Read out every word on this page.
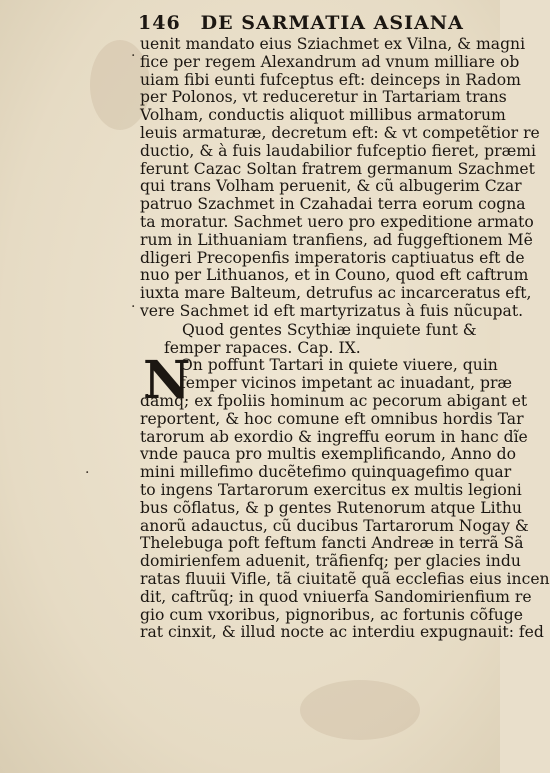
146 DE SARMATIA ASIANA
·
·
·
uenit mandato eius Sziachmet ex Vilna, & magni
fice per regem Alexandrum ad vnum milliare ob
uiam fibi eunti fufceptus eft: deinceps in Radom
per Polonos, vt reduceretur in Tartariam trans
Volham, conductis aliquot millibus armatorum
leuis armaturæ, decretum eft: & vt competẽtior re
ductio, & à fuis laudabilior fufceptio fieret, præmi
ferunt Cazac Soltan fratrem germanum Szachmet
qui trans Volham peruenit, & cũ albugerim Czar
patruo Szachmet in Czahadai terra eorum cogna
ta moratur. Sachmet uero pro expeditione armato
rum in Lithuaniam tranfiens, ad fuggeftionem Mẽ
dligeri Precopenfis imperatoris captiuatus eft de
nuo per Lithuanos, et in Couno, quod eft caftrum
iuxta mare Balteum, detrufus ac incarceratus eft,
vere Sachmet id eft martyrizatus à fuis nũcupat.
Quod gentes Scythiæ inquiete funt &
femper rapaces. Cap. IX.
N
On poffunt Tartari in quiete viuere, quin
femper vicinos impetant ac inuadant, præ
damq; ex fpoliis hominum ac pecorum abigant et
reportent, & hoc comune eft omnibus hordis Tar
tarorum ab exordio & ingreffu eorum in hanc dĩe
vnde pauca pro multis exemplificando, Anno do
mini millefimo ducẽtefimo quinquagefimo quar
to ingens Tartarorum exercitus ex multis legioni
bus cõflatus, & p gentes Rutenorum atque Lithu
anorũ adauctus, cũ ducibus Tartarorum Nogay &
Thelebuga poft feftum fancti Andreæ in terrã Sã
domirienfem aduenit, trãfienfq; per glacies indu
ratas fluuii Vifle, tã ciuitatẽ quã ecclefias eius incen
dit, caftrũq; in quod vniuerfa Sandomirienfium re
gio cum vxoribus, pignoribus, ac fortunis cõfuge
rat cinxit, & illud nocte ac interdiu expugnauit: fed
